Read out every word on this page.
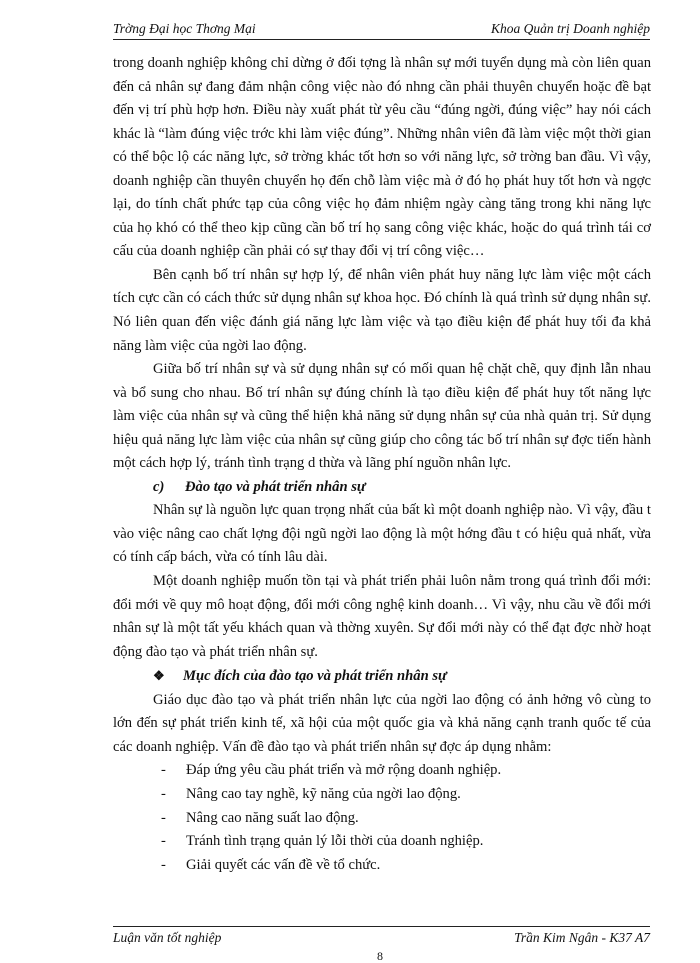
Trờng Đại học Thơng Mại	Khoa Quản trị Doanh nghiệp

trong doanh nghiệp không chỉ dừng ở đối tợng là nhân sự mới tuyển dụng mà còn liên quan đến cả nhân sự đang đảm nhận công việc nào đó nhng cần phải thuyên chuyển hoặc đề bạt đến vị trí phù hợp hơn. Điều này xuất phát từ yêu cầu “đúng ngời, đúng việc” hay nói cách khác là “làm đúng việc trớc khi làm việc đúng”. Những nhân viên đã làm việc một thời gian có thể bộc lộ các năng lực, sở trờng khác tốt hơn so với năng lực, sở trờng ban đầu. Vì vậy, doanh nghiệp cần thuyên chuyển họ đến chỗ làm việc mà ở đó họ phát huy tốt hơn và ngợc lại, do tính chất phức tạp của công việc họ đảm nhiệm ngày càng tăng trong khi năng lực của họ khó có thể theo kịp cũng cần bố trí họ sang công việc khác, hoặc do quá trình tái cơ cấu của doanh nghiệp cần phải có sự thay đổi vị trí công việc…

Bên cạnh bố trí nhân sự hợp lý, để nhân viên phát huy năng lực làm việc một cách tích cực cần có cách thức sử dụng nhân sự khoa học. Đó chính là quá trình sử dụng nhân sự. Nó liên quan đến việc đánh giá năng lực làm việc và tạo điều kiện để phát huy tối đa khả năng làm việc của ngời lao động.

Giữa bố trí nhân sự và sử dụng nhân sự có mối quan hệ chặt chẽ, quy định lẫn nhau và bổ sung cho nhau. Bố trí nhân sự đúng chính là tạo điều kiện để phát huy tốt năng lực làm việc của nhân sự và cũng thể hiện khả năng sử dụng nhân sự của nhà quản trị. Sử dụng hiệu quả năng lực làm việc của nhân sự cũng giúp cho công tác bố trí nhân sự đợc tiến hành một cách hợp lý, tránh tình trạng d thừa và lãng phí nguồn nhân lực.

c) Đào tạo và phát triển nhân sự

Nhân sự là nguồn lực quan trọng nhất của bất kì một doanh nghiệp nào. Vì vậy, đầu t vào việc nâng cao chất lợng đội ngũ ngời lao động là một hớng đầu t có hiệu quả nhất, vừa có tính cấp bách, vừa có tính lâu dài.

Một doanh nghiệp muốn tồn tại và phát triển phải luôn nằm trong quá trình đổi mới: đổi mới về quy mô hoạt động, đổi mới công nghệ kinh doanh… Vì vậy, nhu cầu về đổi mới nhân sự là một tất yếu khách quan và thờng xuyên. Sự đổi mới này có thể đạt đợc nhờ hoạt động đào tạo và phát triển nhân sự.

❖ Mục đích của đào tạo và phát triển nhân sự

Giáo dục đào tạo và phát triển nhân lực của ngời lao động có ảnh hởng vô cùng to lớn đến sự phát triển kinh tế, xã hội của một quốc gia và khả năng cạnh tranh quốc tế của các doanh nghiệp. Vấn đề đào tạo và phát triển nhân sự đợc áp dụng nhằm:

- Đáp ứng yêu cầu phát triển và mở rộng doanh nghiệp.
- Nâng cao tay nghề, kỹ năng của ngời lao động.
- Nâng cao năng suất lao động.
- Tránh tình trạng quản lý lỗi thời của doanh nghiệp.
- Giải quyết các vấn đề về tổ chức.
Luận văn tốt nghiệp	Trần Kim Ngân - K37 A7
8
